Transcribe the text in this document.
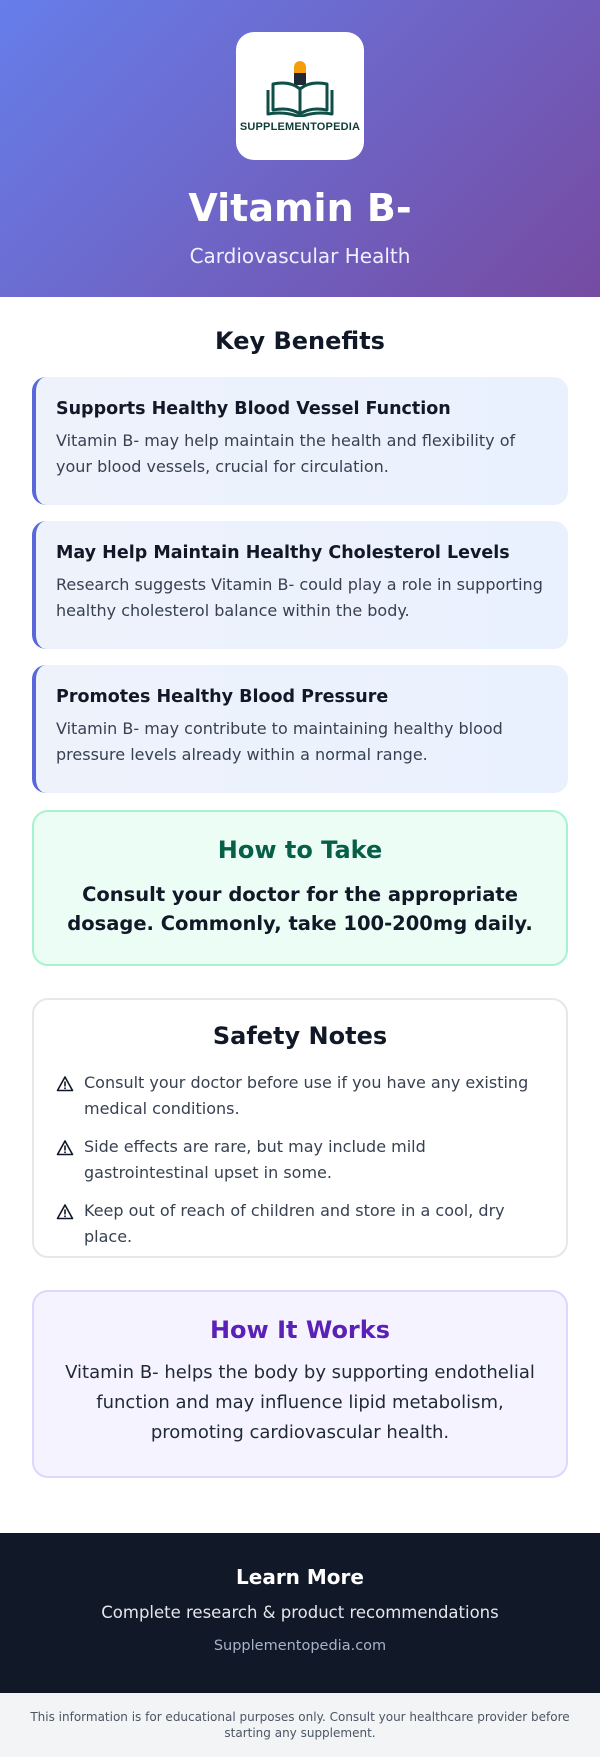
SUPPLEMENTOPEDIA
Vitamin B-
Cardiovascular Health
Key Benefits
Supports Healthy Blood Vessel Function
Vitamin B- may help maintain the health and flexibility of your blood vessels, crucial for circulation.
May Help Maintain Healthy Cholesterol Levels
Research suggests Vitamin B- could play a role in supporting healthy cholesterol balance within the body.
Promotes Healthy Blood Pressure
Vitamin B- may contribute to maintaining healthy blood pressure levels already within a normal range.
How to Take
Consult your doctor for the appropriate dosage. Commonly, take 100-200mg daily.
Safety Notes
Consult your doctor before use if you have any existing medical conditions.
Side effects are rare, but may include mild gastrointestinal upset in some.
Keep out of reach of children and store in a cool, dry place.
How It Works
Vitamin B- helps the body by supporting endothelial function and may influence lipid metabolism, promoting cardiovascular health.
Learn More
Complete research & product recommendations
Supplementopedia.com
This information is for educational purposes only. Consult your healthcare provider before starting any supplement.
